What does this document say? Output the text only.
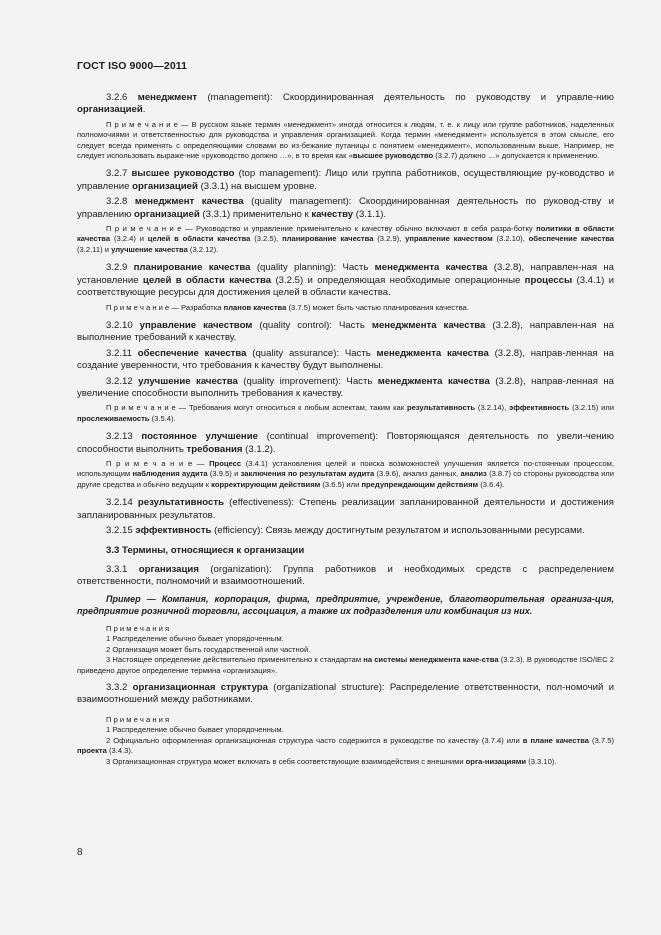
ГОСТ ISO 9000—2011

3.2.6 менеджмент (management): Скоординированная деятельность по руководству и управле-нию организацией.

П р и м е ч а н и е — В русском языке термин «менеджмент» иногда относится к людям, т. е. к лицу или группе работников, наделенных полномочиями и ответственностью для руководства и управления организацией. Когда термин «менеджмент» используется в этом смысле, его следует всегда применять с определяющими словами во из-бежание путаницы с понятием «менеджмент», использованным выше. Например, не следует использовать выраже-ние «руководство должно …», в то время как «высшее руководство (3.2.7) должно …» допускается к применению.

3.2.7 высшее руководство (top management): Лицо или группа работников, осуществляющие ру-ководство и управление организацией (3.3.1) на высшем уровне.

3.2.8 менеджмент качества (quality management): Скоординированная деятельность по руковод-ству и управлению организацией (3.3.1) применительно к качеству (3.1.1).

П р и м е ч а н и е — Руководство и управление применительно к качеству обычно включают в себя разра-ботку политики в области качества (3.2.4) и целей в области качества (3.2.5), планирование качества (3.2.9), управление качеством (3.2.10), обеспечение качества (3.2.11) и улучшение качества (3.2.12).

3.2.9 планирование качества (quality planning): Часть менеджмента качества (3.2.8), направлен-ная на установление целей в области качества (3.2.5) и определяющая необходимые операционные процессы (3.4.1) и соответствующие ресурсы для достижения целей в области качества.

П р и м е ч а н и е — Разработка планов качества (3.7.5) может быть частью планирования качества.

3.2.10 управление качеством (quality control): Часть менеджмента качества (3.2.8), направлен-ная на выполнение требований к качеству.

3.2.11 обеспечение качества (quality assurance): Часть менеджмента качества (3.2.8), направ-ленная на создание уверенности, что требования к качеству будут выполнены.

3.2.12 улучшение качества (quality improvement): Часть менеджмента качества (3.2.8), направ-ленная на увеличение способности выполнить требования к качеству.

П р и м е ч а н и е — Требования могут относиться к любым аспектам, таким как результативность (3.2.14), эффективность (3.2.15) или прослеживаемость (3.5.4).

3.2.13 постоянное улучшение (continual improvement): Повторяющаяся деятельность по увели-чению способности выполнить требования (3.1.2).

П р и м е ч а н и е — Процесс (3.4.1) установления целей и поиска возможностей улучшения является по-стоянным процессом, использующим наблюдения аудита (3.9.5) и заключения по результатам аудита (3.9.6), анализ данных, анализ (3.8.7) со стороны руководства или другие средства и обычно ведущим к корректирующим действиям (3.6.5) или предупреждающим действиям (3.6.4).

3.2.14 результативность (effectiveness): Степень реализации запланированной деятельности и достижения запланированных результатов.

3.2.15 эффективность (efficiency): Связь между достигнутым результатом и использованными ресурсами.

3.3 Термины, относящиеся к организации

3.3.1 организация (organization): Группа работников и необходимых средств с распределением ответственности, полномочий и взаимоотношений.

Пример — Компания, корпорация, фирма, предприятие, учреждение, благотворительная организа-ция, предприятие розничной торговли, ассоциация, а также их подразделения или комбинация из них.

П р и м е ч а н и я

1 Распределение обычно бывает упорядоченным.

2 Организация может быть государственной или частной.

3 Настоящее определение действительно применительно к стандартам на системы менеджмента каче-ства (3.2.3). В руководстве ISO/IEC 2 приведено другое определение термина «организация».

3.3.2 организационная структура (organizational structure): Распределение ответственности, пол-номочий и взаимоотношений между работниками.

П р и м е ч а н и я

1 Распределение обычно бывает упорядоченным.

2 Официально оформленная организационная структура часто содержится в руководстве по качеству (3.7.4) или в плане качества (3.7.5) проекта (3.4.3).

3 Организационная структура может включать в себя соответствующие взаимодействия с внешними орга-низациями (3.3.10).

8
